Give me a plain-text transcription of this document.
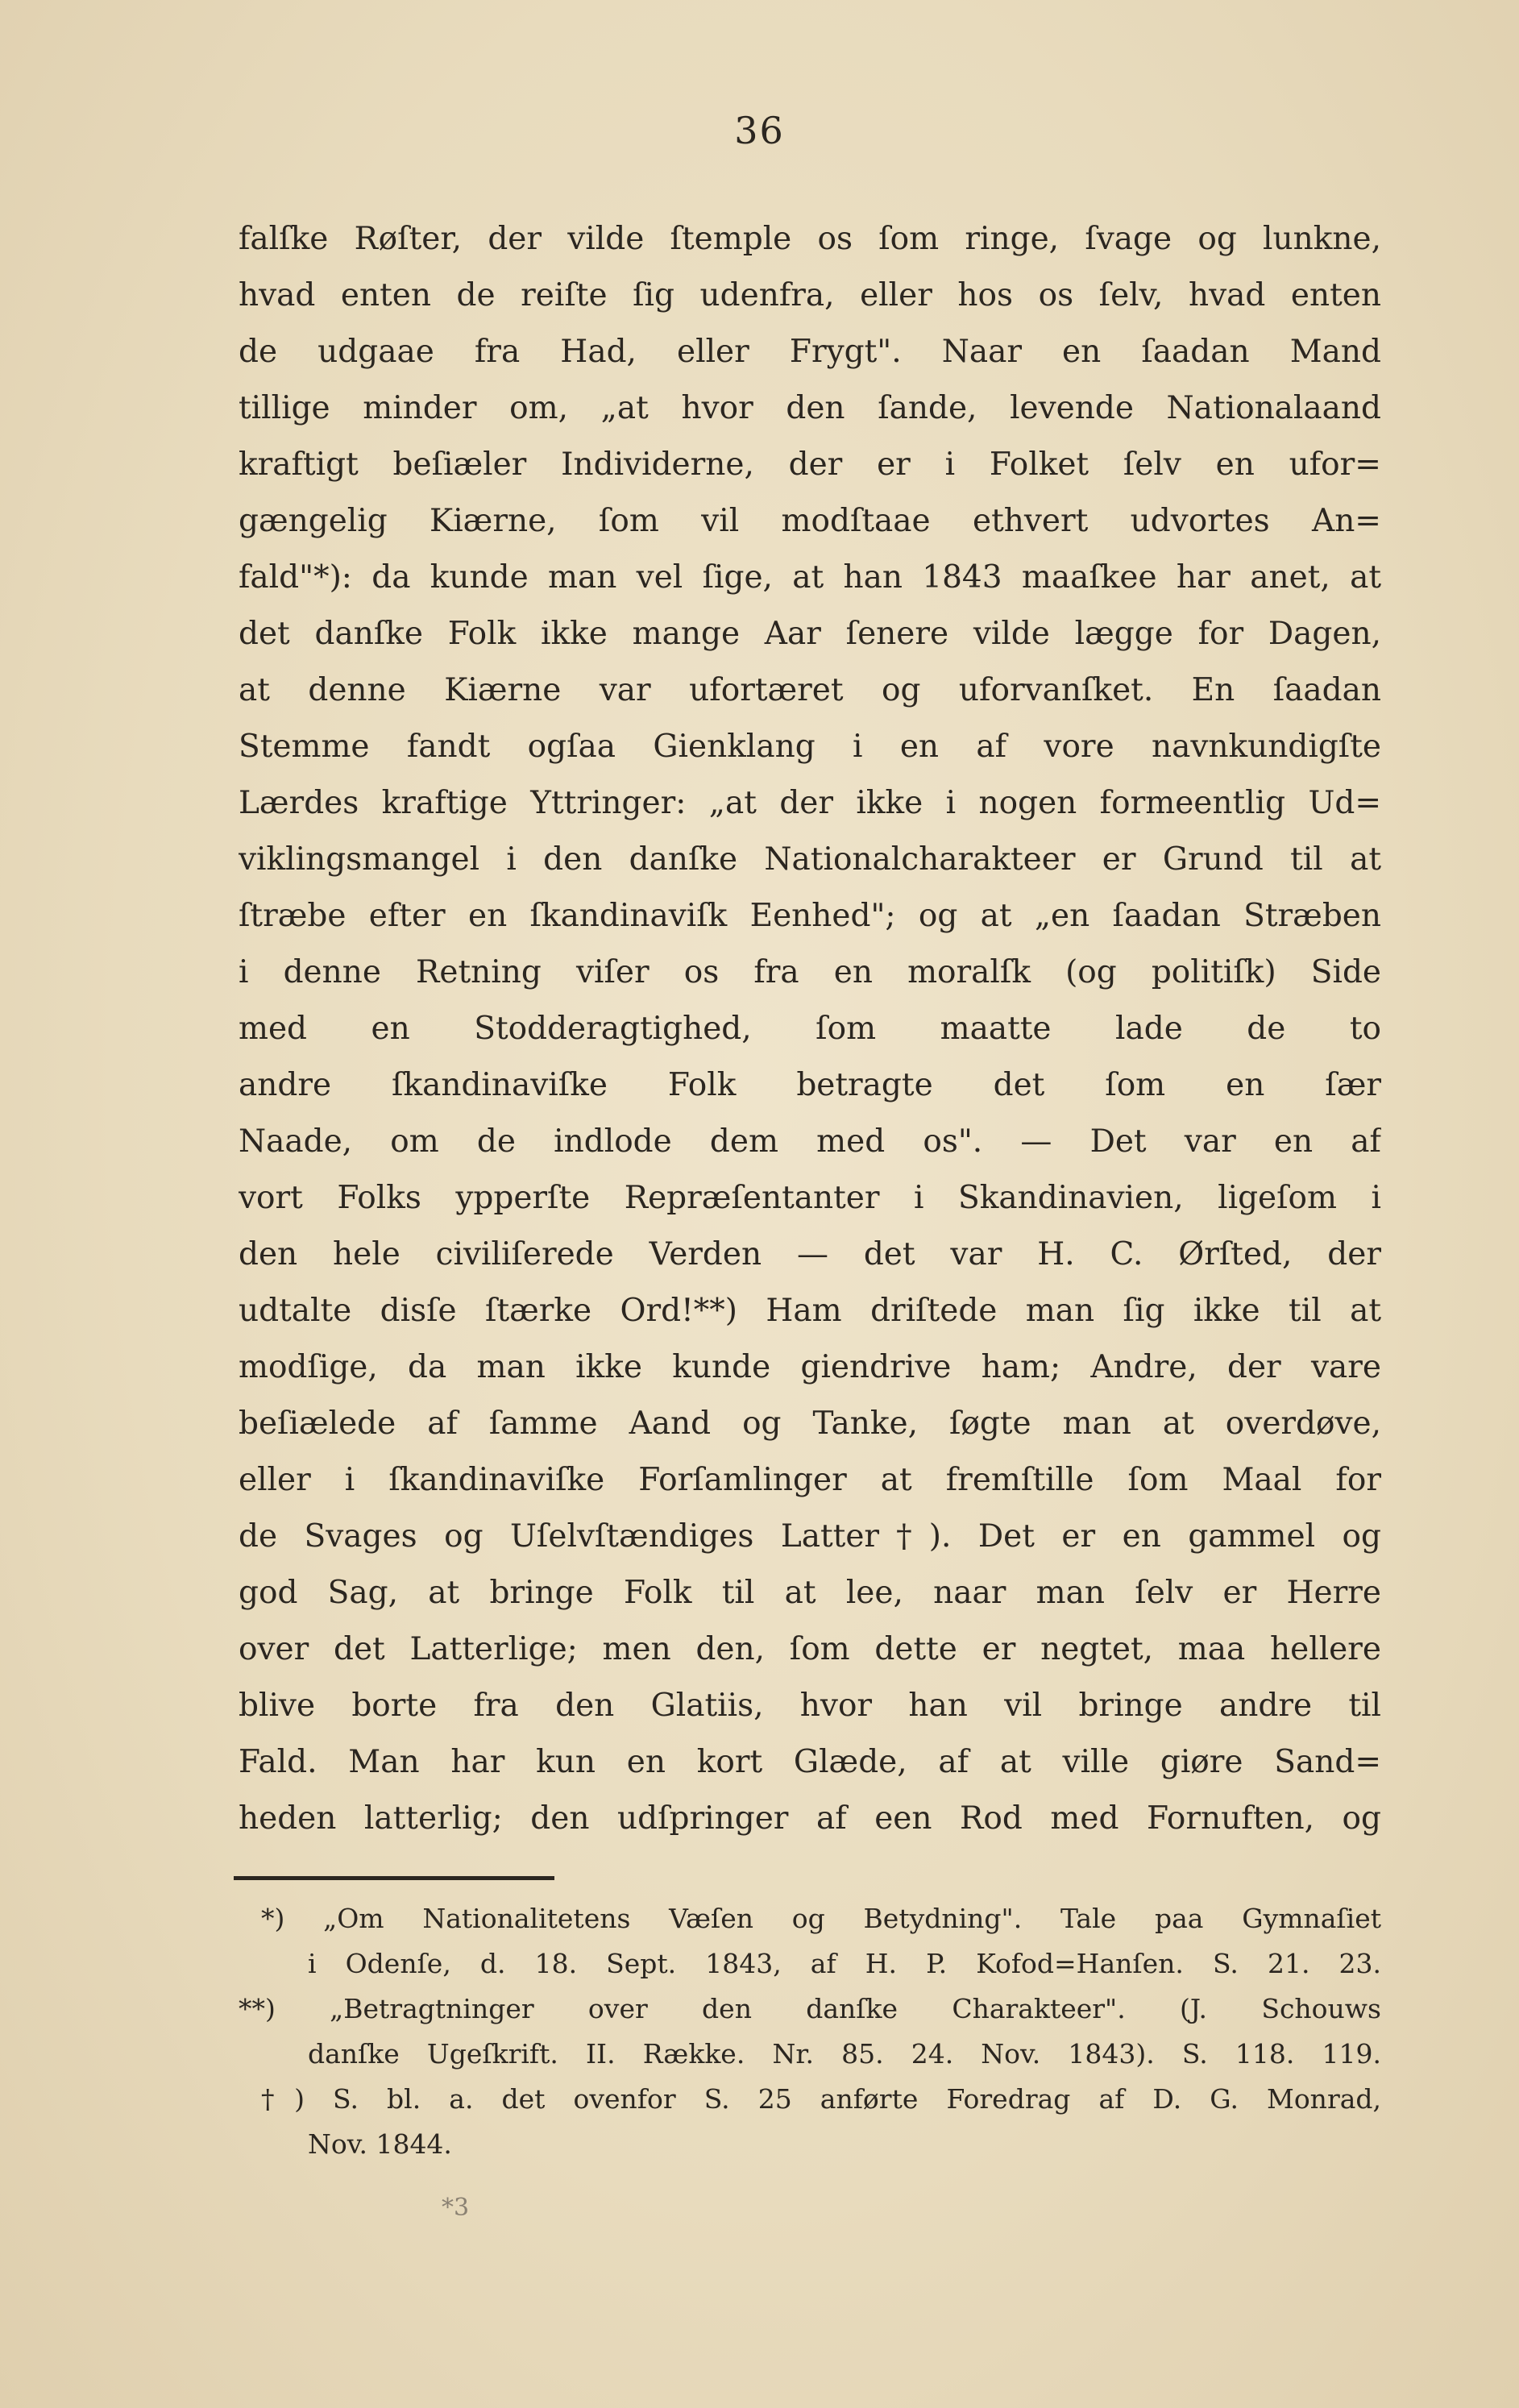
36
falſke Røſter, der vilde ſtemple os ſom ringe, ſvage og lunkne,
hvad enten de reiſte ſig udenfra, eller hos os ſelv, hvad enten
de udgaae fra Had, eller Frygt". Naar en ſaadan Mand
tillige minder om, „at hvor den ſande, levende Nationalaand
kraftigt beſiæler Individerne, der er i Folket ſelv en ufor=
gængelig Kiærne, ſom vil modſtaae ethvert udvortes An=
fald"*): da kunde man vel ſige, at han 1843 maaſkee har anet, at
det danſke Folk ikke mange Aar ſenere vilde lægge for Dagen,
at denne Kiærne var ufortæret og uforvanſket. En ſaadan
Stemme fandt ogſaa Gienklang i en af vore navnkundigſte
Lærdes kraftige Yttringer: „at der ikke i nogen formeentlig Ud=
viklingsmangel i den danſke Nationalcharakteer er Grund til at
ſtræbe efter en ſkandinaviſk Eenhed"; og at „en ſaadan Stræben
i denne Retning viſer os fra en moralſk (og politiſk) Side
med en Stodderagtighed, ſom maatte lade de to
andre ſkandinaviſke Folk betragte det ſom en ſær
Naade, om de indlode dem med os". — Det var en af
vort Folks ypperſte Repræſentanter i Skandinavien, ligeſom i
den hele civiliſerede Verden — det var H. C. Ørſted, der
udtalte disſe ſtærke Ord!**) Ham driſtede man ſig ikke til at
modſige, da man ikke kunde giendrive ham; Andre, der vare
beſiælede af ſamme Aand og Tanke, ſøgte man at overdøve,
eller i ſkandinaviſke Forſamlinger at fremſtille ſom Maal for
de Svages og Uſelvſtændiges Latter†). Det er en gammel og
god Sag, at bringe Folk til at lee, naar man ſelv er Herre
over det Latterlige; men den, ſom dette er negtet, maa hellere
blive borte fra den Glatiis, hvor han vil bringe andre til
Fald. Man har kun en kort Glæde, af at ville giøre Sand=
heden latterlig; den udſpringer af een Rod med Fornuften, og
*) „Om Nationalitetens Væſen og Betydning". Tale paa Gymnaſiet
i Odenſe, d. 18. Sept. 1843, af H. P. Kofod=Hanſen. S. 21. 23.
**) „Betragtninger over den danſke Charakteer". (J. Schouws
danſke Ugeſkrift. II. Række. Nr. 85. 24. Nov. 1843). S. 118. 119.
†) S. bl. a. det ovenfor S. 25 anførte Foredrag af D. G. Monrad,
Nov. 1844.
*3
